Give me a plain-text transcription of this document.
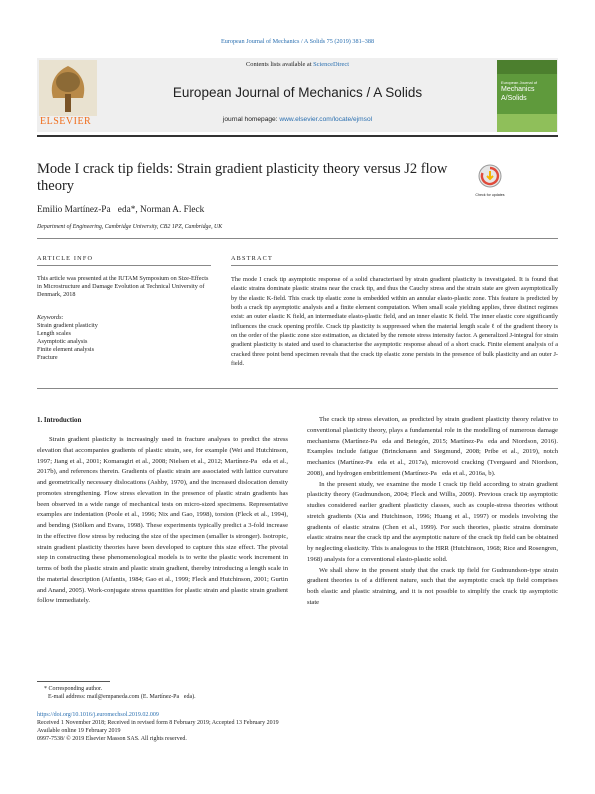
European Journal of Mechanics / A Solids 75 (2019) 381–388
ELSEVIER
Contents lists available at ScienceDirect
European Journal of Mechanics / A Solids
journal homepage: www.elsevier.com/locate/ejmsol
European Journal of
Mechanics
A/Solids
Mode I crack tip fields: Strain gradient plasticity theory versus J2 flow theory
Check for updates
Emilio Martínez-Pa eda*, Norman A. Fleck
Department of Engineering, Cambridge University, CB2 1PZ, Cambridge, UK
ARTICLE INFO
This article was presented at the IUTAM Symposium on Size-Effects in Microstructure and Damage Evolution at Technical University of Denmark, 2018
Keywords:
Strain gradient plasticity
Length scales
Asymptotic analysis
Finite element analysis
Fracture
ABSTRACT
The mode I crack tip asymptotic response of a solid characterised by strain gradient plasticity is investigated. It is found that elastic strains dominate plastic strains near the crack tip, and thus the Cauchy stress and the strain state are given asymptotically by the elastic K-field. This crack tip elastic zone is embedded within an annular elasto-plastic zone. This feature is predicted by both a crack tip asymptotic analysis and a finite element computation. When small scale yielding applies, three distinct regimes exist: an outer elastic K field, an intermediate elasto-plastic field, and an inner elastic K field. The inner elastic core significantly influences the crack opening profile. Crack tip plasticity is suppressed when the material length scale ℓ of the gradient theory is on the order of the plastic zone size estimation, as dictated by the remote stress intensity factor. A generalized J-integral for strain gradient plasticity is stated and used to characterise the asymptotic response ahead of a short crack. Finite element analysis of a cracked three point bend specimen reveals that the crack tip elastic zone persists in the presence of bulk plasticity and an outer J-field.
1. Introduction
Strain gradient plasticity is increasingly used in fracture analyses to predict the stress elevation that accompanies gradients of plastic strain, see, for example (Wei and Hutchinson, 1997; Jiang et al., 2001; Komaragiri et al., 2008; Nielsen et al., 2012; Martínez-Pa eda et al., 2017b), and references therein. Gradients of plastic strain are associated with lattice curvature and geometrically necessary dislocations (Ashby, 1970), and the increased dislocation density promotes strengthening. Flow stress elevation in the presence of plastic strain gradients has been observed in a wide range of mechanical tests on micro-sized specimens. Representative examples are indentation (Poole et al., 1996; Nix and Gao, 1998), torsion (Fleck et al., 1994), and bending (Stölken and Evans, 1998). These experiments typically predict a 3-fold increase in the effective flow stress by reducing the size of the specimen (smaller is stronger). Isotropic, strain gradient plasticity theories have been developed to capture this size effect. The pivotal step in constructing these phenomenological models is to write the plastic work increment in terms of both the plastic strain and plastic strain gradient, thereby introducing a length scale in the material description (Aifantis, 1984; Gao et al., 1999; Fleck and Hutchinson, 2001; Gurtin and Anand, 2005). Work-conjugate stress quantities for plastic strain and plastic strain gradient follow immediately.
The crack tip stress elevation, as predicted by strain gradient plasticity theory relative to conventional plasticity theory, plays a fundamental role in the modelling of numerous damage mechanisms (Martínez-Pa eda and Betegón, 2015; Martínez-Pa eda and Niordson, 2016). Examples include fatigue (Brinckmann and Siegmund, 2008; Pribe et al., 2019), notch mechanics (Martínez-Pa eda et al., 2017a), microvoid cracking (Tvergaard and Niordson, 2008), and hydrogen embrittlement (Martínez-Pa eda et al., 2016a, b).
In the present study, we examine the mode I crack tip field according to strain gradient plasticity theory (Gudmundson, 2004; Fleck and Willis, 2009). Previous crack tip asymptotic studies considered earlier gradient plasticity classes, such as couple-stress theories without stretch gradients (Xia and Hutchinson, 1996; Huang et al., 1997) or models involving the gradients of elastic strains (Chen et al., 1999). For such theories, plastic strains dominate elastic strains near the crack tip and the asymptotic nature of the crack tip field can be obtained by neglecting elasticity. This is analogous to the HRR (Hutchinson, 1968; Rice and Rosengren, 1968) analysis for a conventional elasto-plastic solid.
We shall show in the present study that the crack tip field for Gudmundson-type strain gradient theories is of a different nature, such that the asymptotic crack tip field comprises both elastic and plastic straining, and it is not possible to simplify the crack tip asymptotic state
* Corresponding author.
E-mail address: mail@empaneda.com (E. Martínez-Pa eda).
https://doi.org/10.1016/j.euromechsol.2019.02.009
Received 1 November 2018; Received in revised form 8 February 2019; Accepted 13 February 2019
Available online 19 February 2019
0997-7538/ © 2019 Elsevier Masson SAS. All rights reserved.
